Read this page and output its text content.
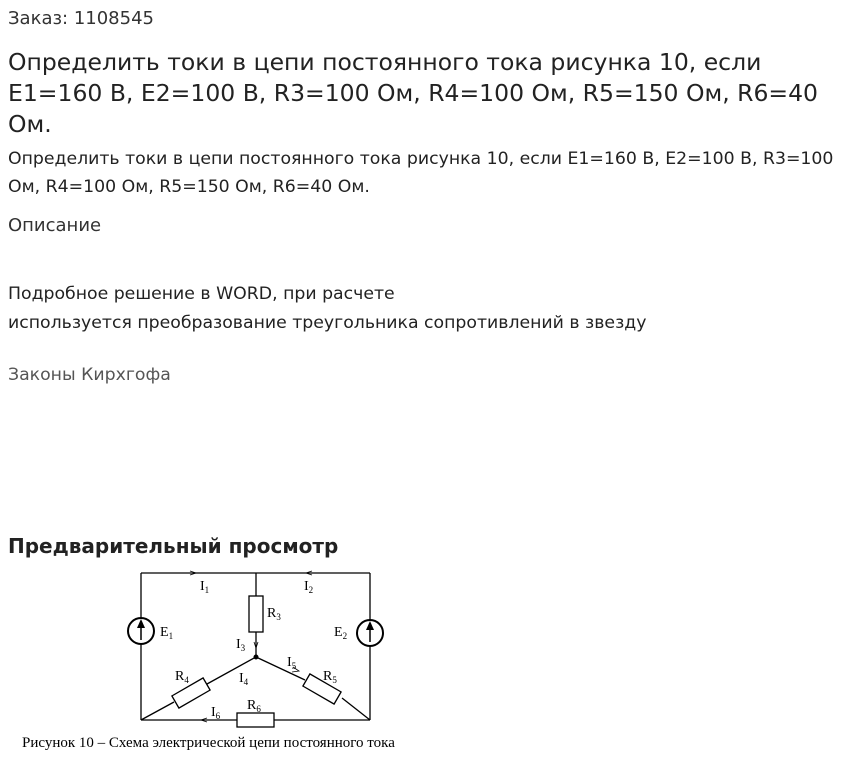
Заказ: 1108545
Определить токи в цепи постоянного тока рисунка 10, если E1=160 В, E2=100 В, R3=100 Ом, R4=100 Ом, R5=150 Ом, R6=40 Ом.
Определить токи в цепи постоянного тока рисунка 10, если E1=160 В, E2=100 В, R3=100 Ом, R4=100 Ом, R5=150 Ом, R6=40 Ом.
Описание
Подробное решение в WORD, при расчете
используется преобразование треугольника сопротивлений в звезду
Законы Кирхгофа
Предварительный просмотр
$I_1$	$I_2$
$I_3$
$I_4$
$I_5$
$I_6$
$E_1$	$E_2$
$R_3$
$R_4$	$R_5$
$R_6$
Рисунок 10 – Схема электрической цепи постоянного тока
